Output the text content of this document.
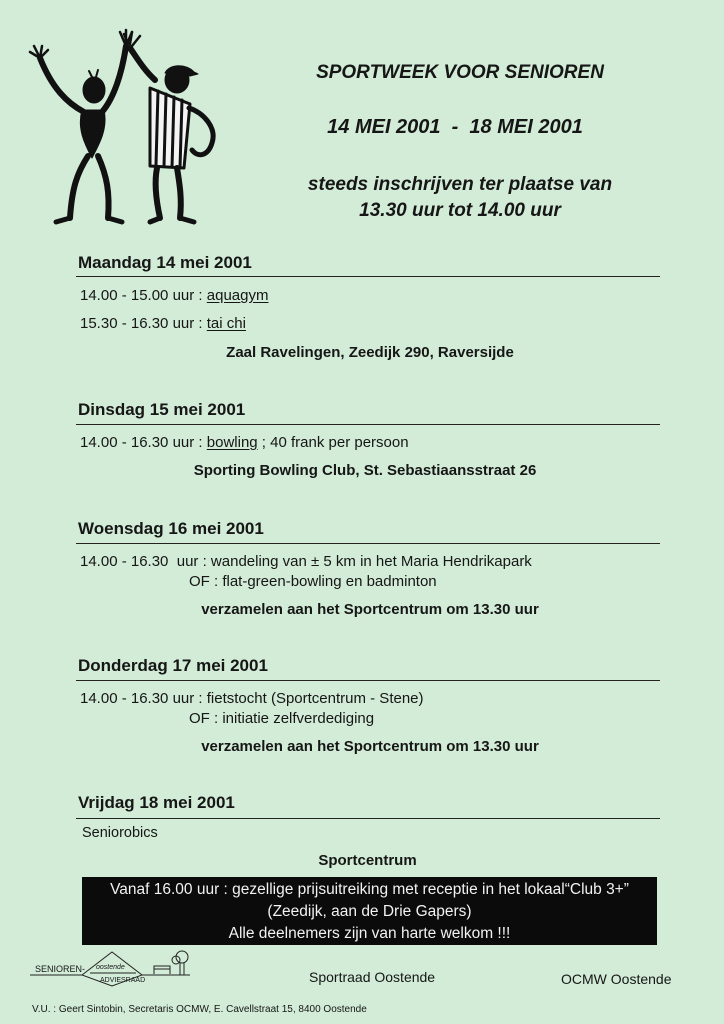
SPORTWEEK VOOR SENIOREN
14 MEI 2001  -  18 MEI 2001
steeds inschrijven ter plaatse van
13.30 uur tot 14.00 uur
Maandag 14 mei 2001
14.00 - 15.00 uur : aquagym
15.30 - 16.30 uur : tai chi
Zaal Ravelingen, Zeedijk 290, Raversijde
Dinsdag 15 mei 2001
14.00 - 16.30 uur : bowling ; 40 frank per persoon
Sporting Bowling Club, St. Sebastiaansstraat 26
Woensdag 16 mei 2001
14.00 - 16.30  uur : wandeling van ± 5 km in het Maria Hendrikapark
OF : flat-green-bowling en badminton
verzamelen aan het Sportcentrum om 13.30 uur
Donderdag 17 mei 2001
14.00 - 16.30 uur : fietstocht (Sportcentrum - Stene)
OF : initiatie zelfverdediging
verzamelen aan het Sportcentrum om 13.30 uur
Vrijdag 18 mei 2001
Seniorobics
Sportcentrum
Vanaf 16.00 uur : gezellige prijsuitreiking met receptie in het lokaal“Club 3+”
(Zeedijk, aan de Drie Gapers)
Alle deelnemers zijn van harte welkom !!!
SENIOREN- oostende
ADVIESRAAD	Sportraad Oostende	OCMW Oostende
V.U. : Geert Sintobin, Secretaris OCMW, E. Cavellstraat 15, 8400 Oostende
